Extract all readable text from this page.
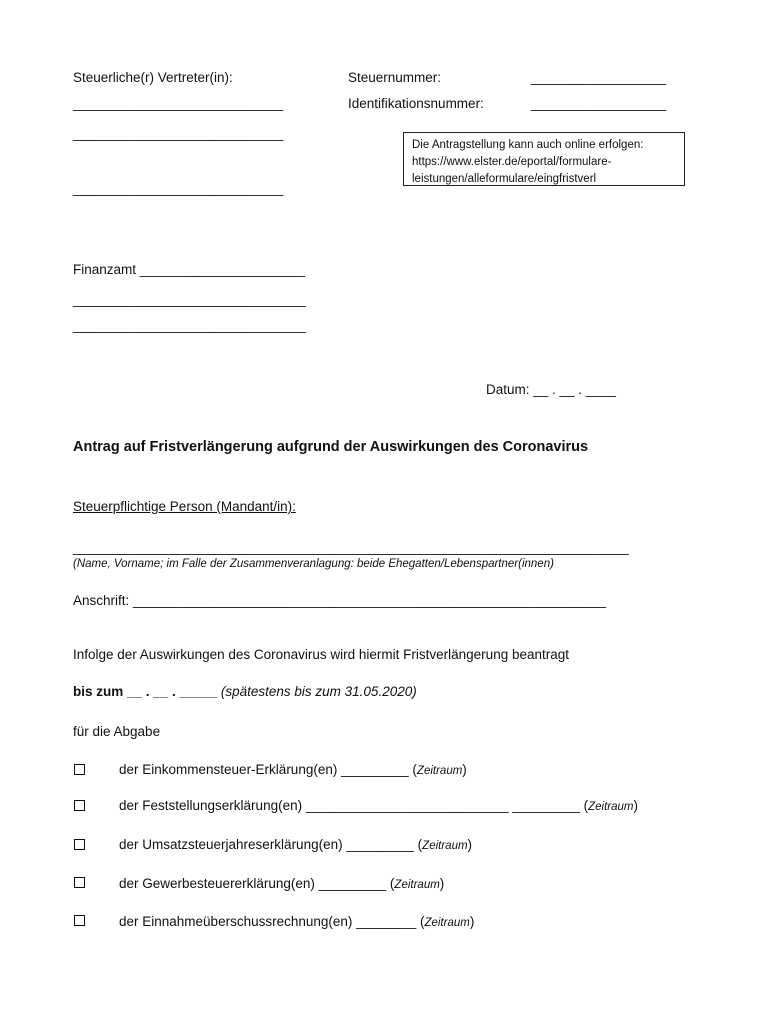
Steuerliche(r) Vertreter(in):	Steuernummer:	__________________
____________________________	Identifikationsnummer:	__________________
____________________________
____________________________
Die Antragstellung kann auch online erfolgen:
https://www.elster.de/eportal/formulare-
leistungen/alleformulare/eingfristverl
Finanzamt ______________________
_______________________________
_______________________________
Datum: __ . __ . ____
Antrag auf Fristverlängerung aufgrund der Auswirkungen des Coronavirus
Steuerpflichtige Person (Mandant/in):
__________________________________________________________________________
(Name, Vorname; im Falle der Zusammenveranlagung: beide Ehegatten/Lebenspartner(innen)
Anschrift: _______________________________________________________________
Infolge der Auswirkungen des Coronavirus wird hiermit Fristverlängerung beantragt
bis zum __ . __ . _____ (spätestens bis zum 31.05.2020)
für die Abgabe
der Einkommensteuer-Erklärung(en) _________ (Zeitraum)
der Feststellungserklärung(en) ___________________________ _________ (Zeitraum)
der Umsatzsteuerjahreserklärung(en) _________ (Zeitraum)
der Gewerbesteuererklärung(en) _________ (Zeitraum)
der Einnahmeüberschussrechnung(en) ________ (Zeitraum)
